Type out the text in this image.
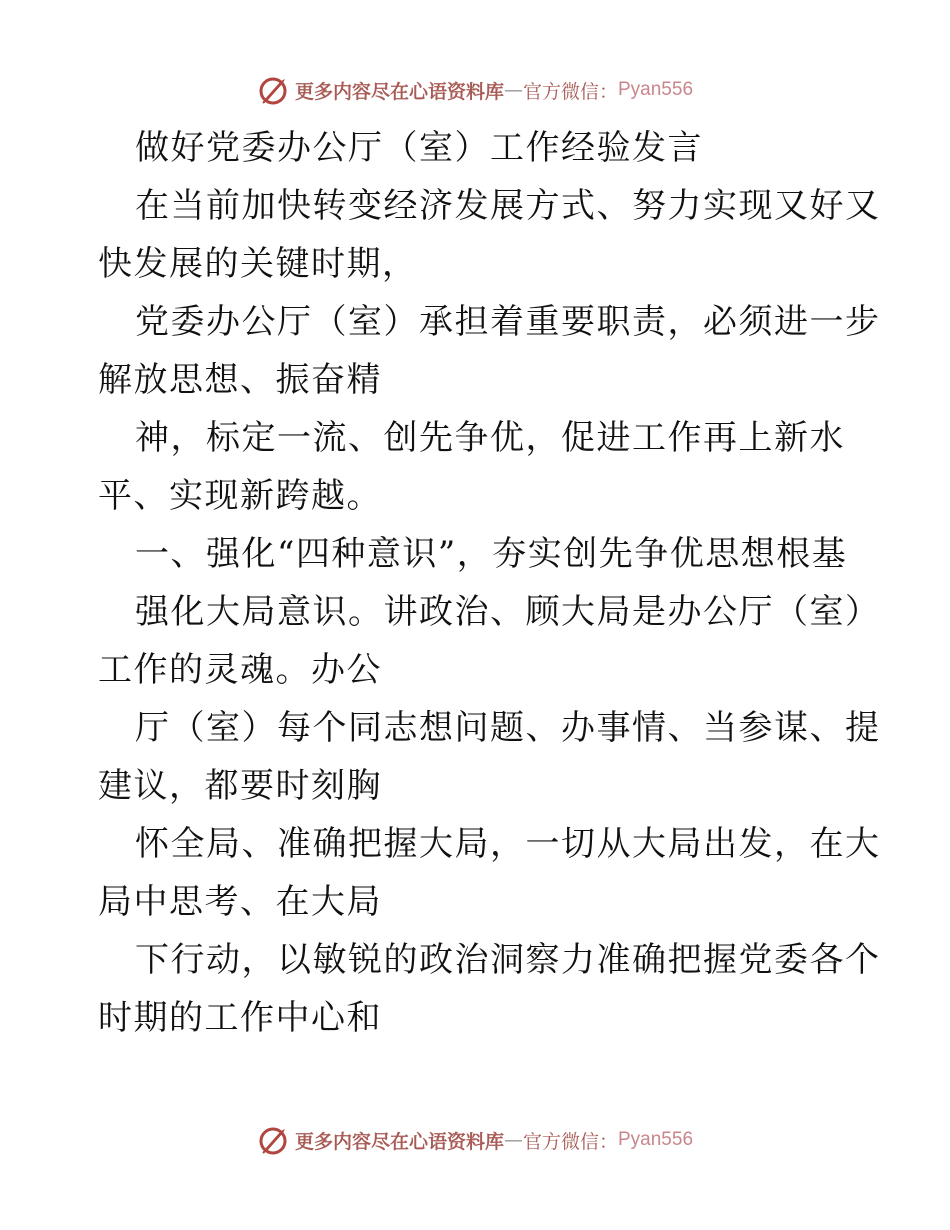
更多内容尽在心语资料库 — 官方微信： Pyan556
做好党委办公厅（室）工作经验发言
在当前加快转变经济发展方式、努力实现又好又
快发展的关键时期，
党委办公厅（室）承担着重要职责，必须进一步
解放思想、振奋精
神，标定一流、创先争优，促进工作再上新水
平、实现新跨越。
一、强化“四种意识”，夯实创先争优思想根基
强化大局意识。讲政治、顾大局是办公厅（室）
工作的灵魂。办公
厅（室）每个同志想问题、办事情、当参谋、提
建议，都要时刻胸
怀全局、准确把握大局，一切从大局出发，在大
局中思考、在大局
下行动，以敏锐的政治洞察力准确把握党委各个
时期的工作中心和
更多内容尽在心语资料库 — 官方微信： Pyan556
